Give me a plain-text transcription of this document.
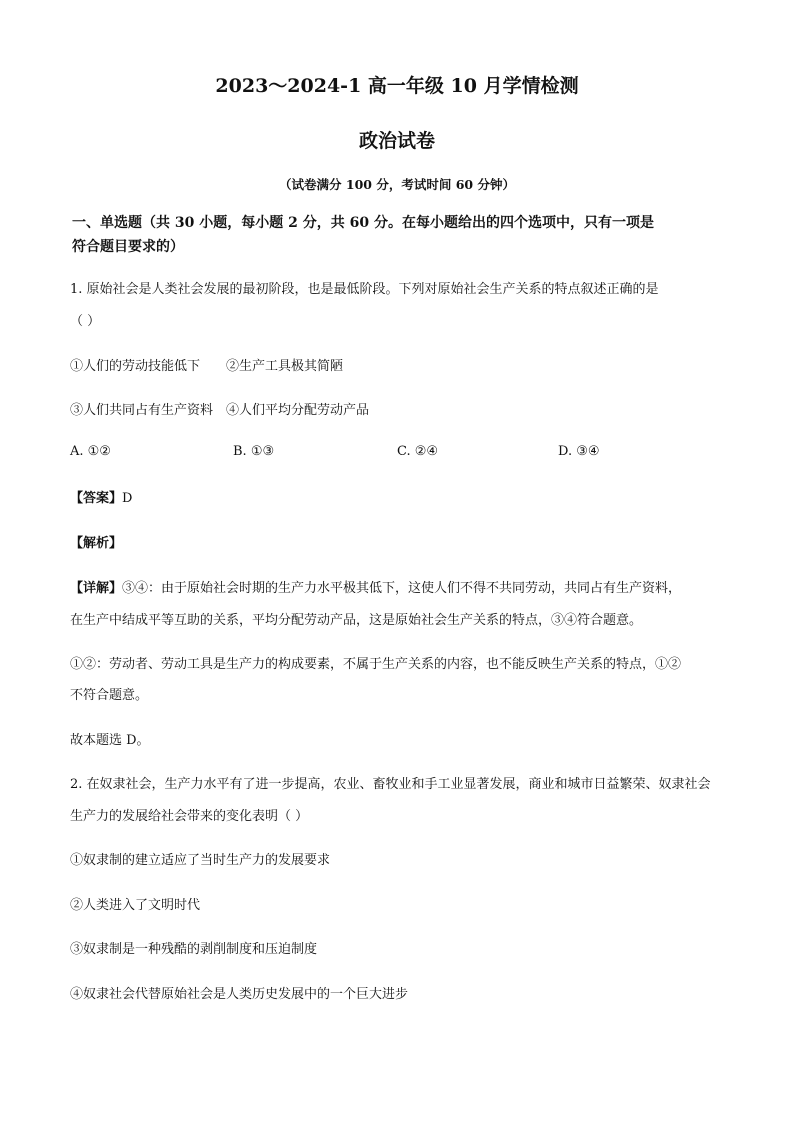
2023～2024-1 高一年级 10 月学情检测
政治试卷
（试卷满分 100 分，考试时间 60 分钟）
一、单选题（共 30 小题，每小题 2 分，共 60 分。在每小题给出的四个选项中，只有一项是
符合题目要求的）
1. 原始社会是人类社会发展的最初阶段，也是最低阶段。下列对原始社会生产关系的特点叙述正确的是
（ ）
①人们的劳动技能低下　　②生产工具极其简陋
③人们共同占有生产资料　④人们平均分配劳动产品
A. ①②	B. ①③	C. ②④	D. ③④
【答案】D
【解析】
【详解】③④：由于原始社会时期的生产力水平极其低下，这使人们不得不共同劳动，共同占有生产资料，
在生产中结成平等互助的关系，平均分配劳动产品，这是原始社会生产关系的特点，③④符合题意。
①②：劳动者、劳动工具是生产力的构成要素，不属于生产关系的内容，也不能反映生产关系的特点，①②
不符合题意。
故本题选 D。
2. 在奴隶社会，生产力水平有了进一步提高，农业、畜牧业和手工业显著发展，商业和城市日益繁荣、奴隶社会
生产力的发展给社会带来的变化表明（ ）
①奴隶制的建立适应了当时生产力的发展要求
②人类进入了文明时代
③奴隶制是一种残酷的剥削制度和压迫制度
④奴隶社会代替原始社会是人类历史发展中的一个巨大进步
